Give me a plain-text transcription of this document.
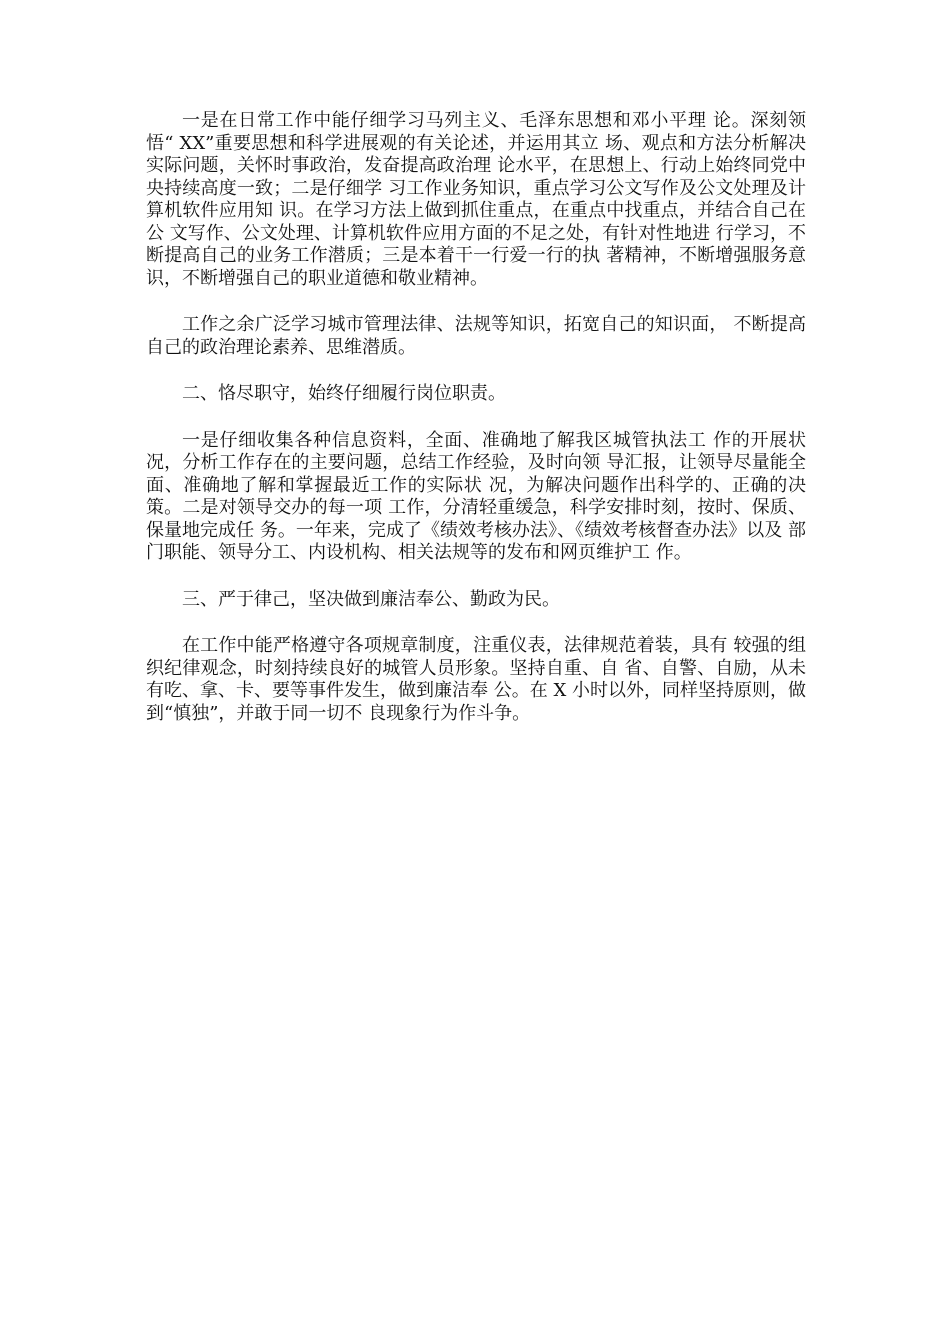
一是在日常工作中能仔细学习马列主义、毛泽东思想和邓小平理 论。深刻领悟“ XX”重要思想和科学进展观的有关论述，并运用其立 场、观点和方法分析解决实际问题，关怀时事政治，发奋提高政治理 论水平，在思想上、行动上始终同党中央持续高度一致；二是仔细学 习工作业务知识，重点学习公文写作及公文处理及计算机软件应用知 识。在学习方法上做到抓住重点，在重点中找重点，并结合自己在公 文写作、公文处理、计算机软件应用方面的不足之处，有针对性地进 行学习，不断提高自己的业务工作潜质；三是本着干一行爱一行的执 著精神，不断增强服务意识，不断增强自己的职业道德和敬业精神。

工作之余广泛学习城市管理法律、法规等知识，拓宽自己的知识面， 不断提高自己的政治理论素养、思维潜质。

二、恪尽职守，始终仔细履行岗位职责。

一是仔细收集各种信息资料，全面、准确地了解我区城管执法工 作的开展状况，分析工作存在的主要问题，总结工作经验，及时向领 导汇报，让领导尽量能全面、准确地了解和掌握最近工作的实际状 况，为解决问题作出科学的、正确的决策。二是对领导交办的每一项 工作，分清轻重缓急，科学安排时刻，按时、保质、保量地完成任 务。一年来，完成了《绩效考核办法》、《绩效考核督查办法》以及 部门职能、领导分工、内设机构、相关法规等的发布和网页维护工 作。

三、严于律己，坚决做到廉洁奉公、勤政为民。

在工作中能严格遵守各项规章制度，注重仪表，法律规范着装，具有 较强的组织纪律观念，时刻持续良好的城管人员形象。坚持自重、自 省、自警、自励，从未有吃、拿、卡、要等事件发生，做到廉洁奉 公。在 X 小时以外，同样坚持原则，做到“慎独”，并敢于同一切不 良现象行为作斗争。
